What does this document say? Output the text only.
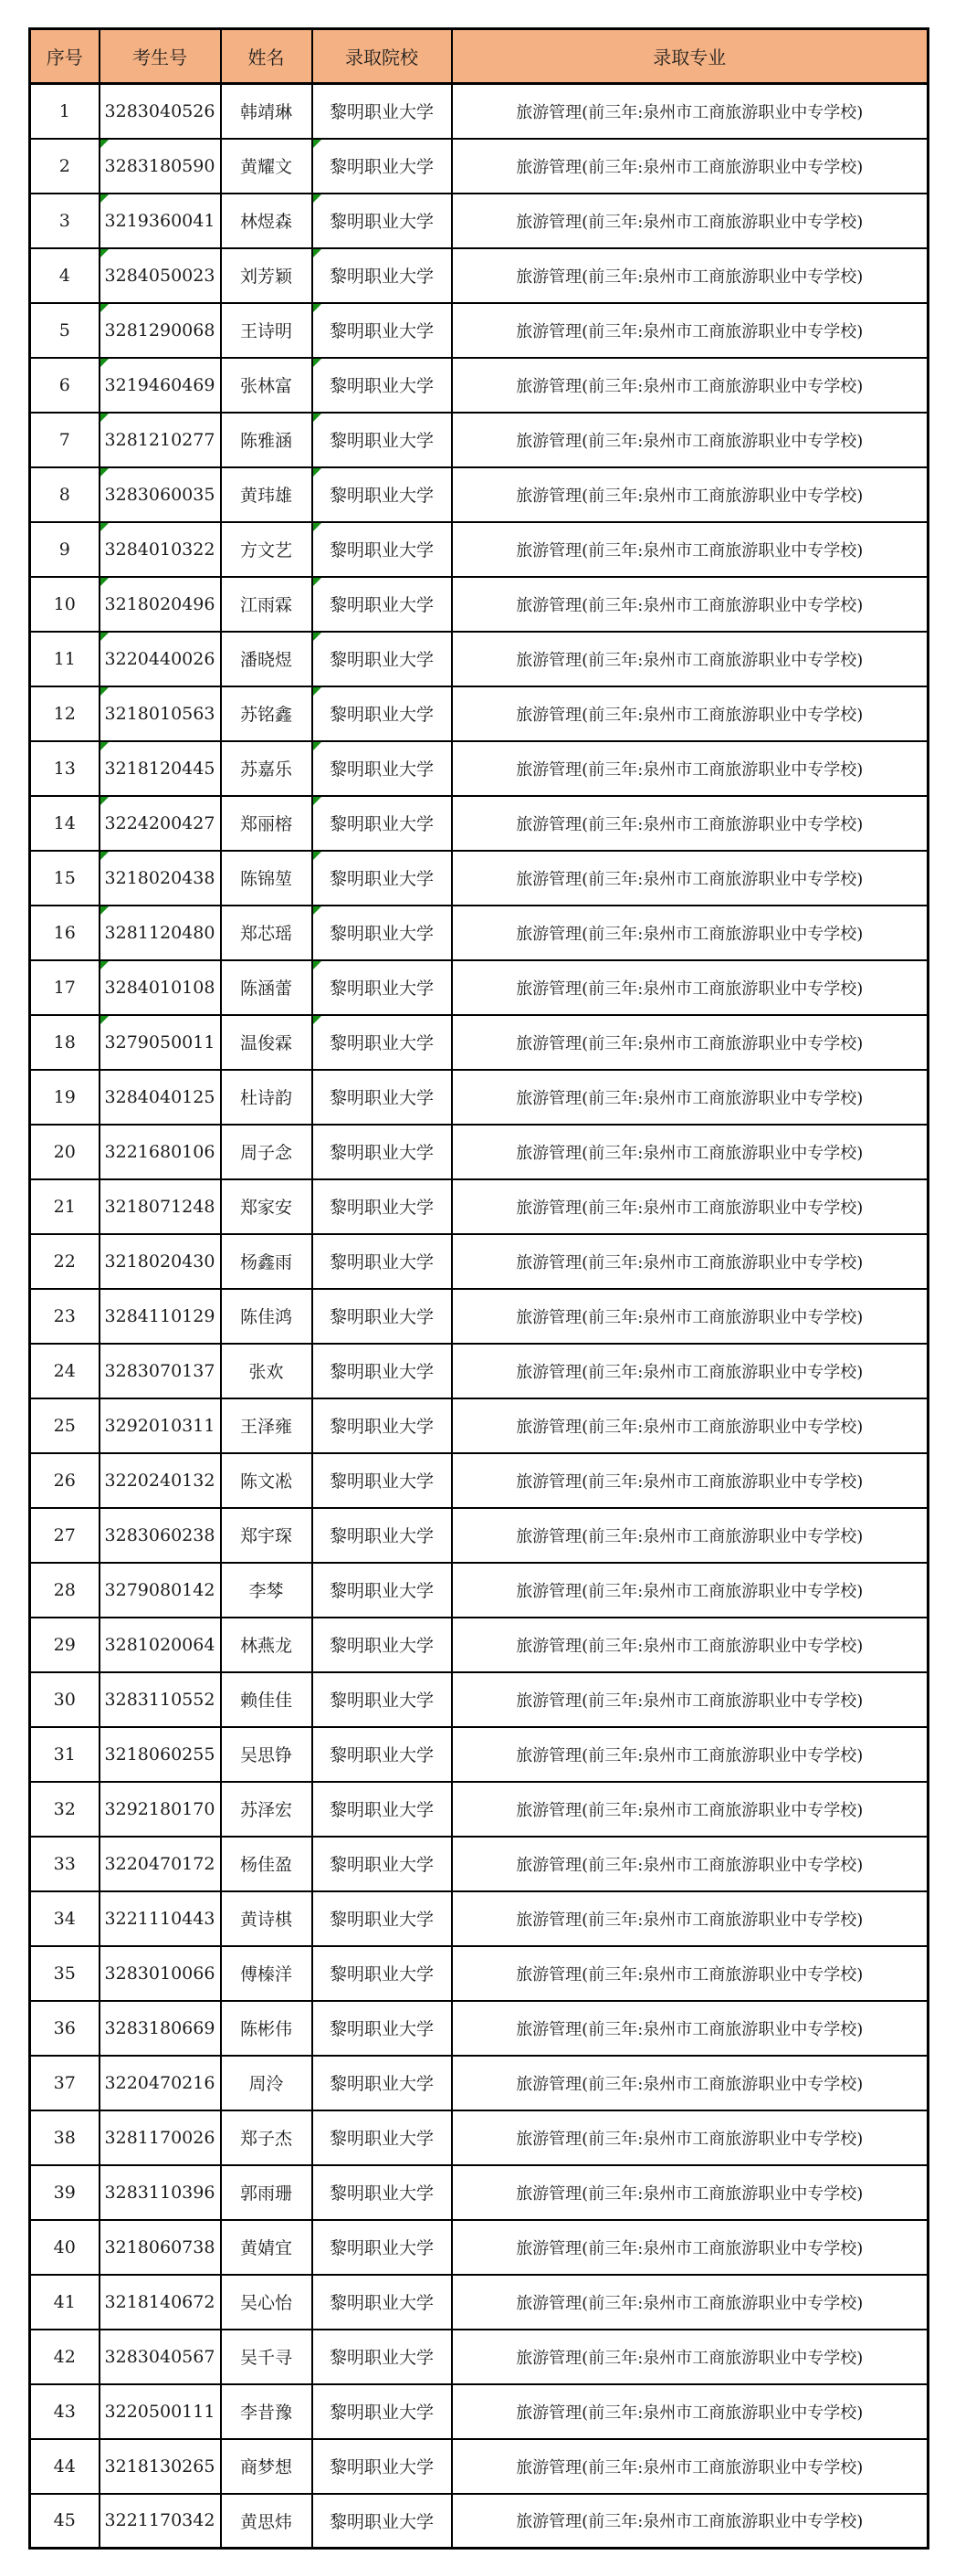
序号	考生号	姓名	录取院校	录取专业
1	3283040526	韩靖琳	黎明职业大学	旅游管理(前三年:泉州市工商旅游职业中专学校)
2	3283180590	黄耀文	黎明职业大学	旅游管理(前三年:泉州市工商旅游职业中专学校)
3	3219360041	林煜森	黎明职业大学	旅游管理(前三年:泉州市工商旅游职业中专学校)
4	3284050023	刘芳颖	黎明职业大学	旅游管理(前三年:泉州市工商旅游职业中专学校)
5	3281290068	王诗明	黎明职业大学	旅游管理(前三年:泉州市工商旅游职业中专学校)
6	3219460469	张林富	黎明职业大学	旅游管理(前三年:泉州市工商旅游职业中专学校)
7	3281210277	陈雅涵	黎明职业大学	旅游管理(前三年:泉州市工商旅游职业中专学校)
8	3283060035	黄玮雄	黎明职业大学	旅游管理(前三年:泉州市工商旅游职业中专学校)
9	3284010322	方文艺	黎明职业大学	旅游管理(前三年:泉州市工商旅游职业中专学校)
10	3218020496	江雨霖	黎明职业大学	旅游管理(前三年:泉州市工商旅游职业中专学校)
11	3220440026	潘晓煜	黎明职业大学	旅游管理(前三年:泉州市工商旅游职业中专学校)
12	3218010563	苏铭鑫	黎明职业大学	旅游管理(前三年:泉州市工商旅游职业中专学校)
13	3218120445	苏嘉乐	黎明职业大学	旅游管理(前三年:泉州市工商旅游职业中专学校)
14	3224200427	郑丽榕	黎明职业大学	旅游管理(前三年:泉州市工商旅游职业中专学校)
15	3218020438	陈锦堃	黎明职业大学	旅游管理(前三年:泉州市工商旅游职业中专学校)
16	3281120480	郑芯瑶	黎明职业大学	旅游管理(前三年:泉州市工商旅游职业中专学校)
17	3284010108	陈涵蕾	黎明职业大学	旅游管理(前三年:泉州市工商旅游职业中专学校)
18	3279050011	温俊霖	黎明职业大学	旅游管理(前三年:泉州市工商旅游职业中专学校)
19	3284040125	杜诗韵	黎明职业大学	旅游管理(前三年:泉州市工商旅游职业中专学校)
20	3221680106	周子念	黎明职业大学	旅游管理(前三年:泉州市工商旅游职业中专学校)
21	3218071248	郑家安	黎明职业大学	旅游管理(前三年:泉州市工商旅游职业中专学校)
22	3218020430	杨鑫雨	黎明职业大学	旅游管理(前三年:泉州市工商旅游职业中专学校)
23	3284110129	陈佳鸿	黎明职业大学	旅游管理(前三年:泉州市工商旅游职业中专学校)
24	3283070137	张欢	黎明职业大学	旅游管理(前三年:泉州市工商旅游职业中专学校)
25	3292010311	王泽雍	黎明职业大学	旅游管理(前三年:泉州市工商旅游职业中专学校)
26	3220240132	陈文凇	黎明职业大学	旅游管理(前三年:泉州市工商旅游职业中专学校)
27	3283060238	郑宇琛	黎明职业大学	旅游管理(前三年:泉州市工商旅游职业中专学校)
28	3279080142	李棽	黎明职业大学	旅游管理(前三年:泉州市工商旅游职业中专学校)
29	3281020064	林燕龙	黎明职业大学	旅游管理(前三年:泉州市工商旅游职业中专学校)
30	3283110552	赖佳佳	黎明职业大学	旅游管理(前三年:泉州市工商旅游职业中专学校)
31	3218060255	吴思铮	黎明职业大学	旅游管理(前三年:泉州市工商旅游职业中专学校)
32	3292180170	苏泽宏	黎明职业大学	旅游管理(前三年:泉州市工商旅游职业中专学校)
33	3220470172	杨佳盈	黎明职业大学	旅游管理(前三年:泉州市工商旅游职业中专学校)
34	3221110443	黄诗棋	黎明职业大学	旅游管理(前三年:泉州市工商旅游职业中专学校)
35	3283010066	傅榛洋	黎明职业大学	旅游管理(前三年:泉州市工商旅游职业中专学校)
36	3283180669	陈彬伟	黎明职业大学	旅游管理(前三年:泉州市工商旅游职业中专学校)
37	3220470216	周泠	黎明职业大学	旅游管理(前三年:泉州市工商旅游职业中专学校)
38	3281170026	郑子杰	黎明职业大学	旅游管理(前三年:泉州市工商旅游职业中专学校)
39	3283110396	郭雨珊	黎明职业大学	旅游管理(前三年:泉州市工商旅游职业中专学校)
40	3218060738	黄婧宜	黎明职业大学	旅游管理(前三年:泉州市工商旅游职业中专学校)
41	3218140672	吴心怡	黎明职业大学	旅游管理(前三年:泉州市工商旅游职业中专学校)
42	3283040567	吴千寻	黎明职业大学	旅游管理(前三年:泉州市工商旅游职业中专学校)
43	3220500111	李昔豫	黎明职业大学	旅游管理(前三年:泉州市工商旅游职业中专学校)
44	3218130265	商梦想	黎明职业大学	旅游管理(前三年:泉州市工商旅游职业中专学校)
45	3221170342	黄思炜	黎明职业大学	旅游管理(前三年:泉州市工商旅游职业中专学校)
